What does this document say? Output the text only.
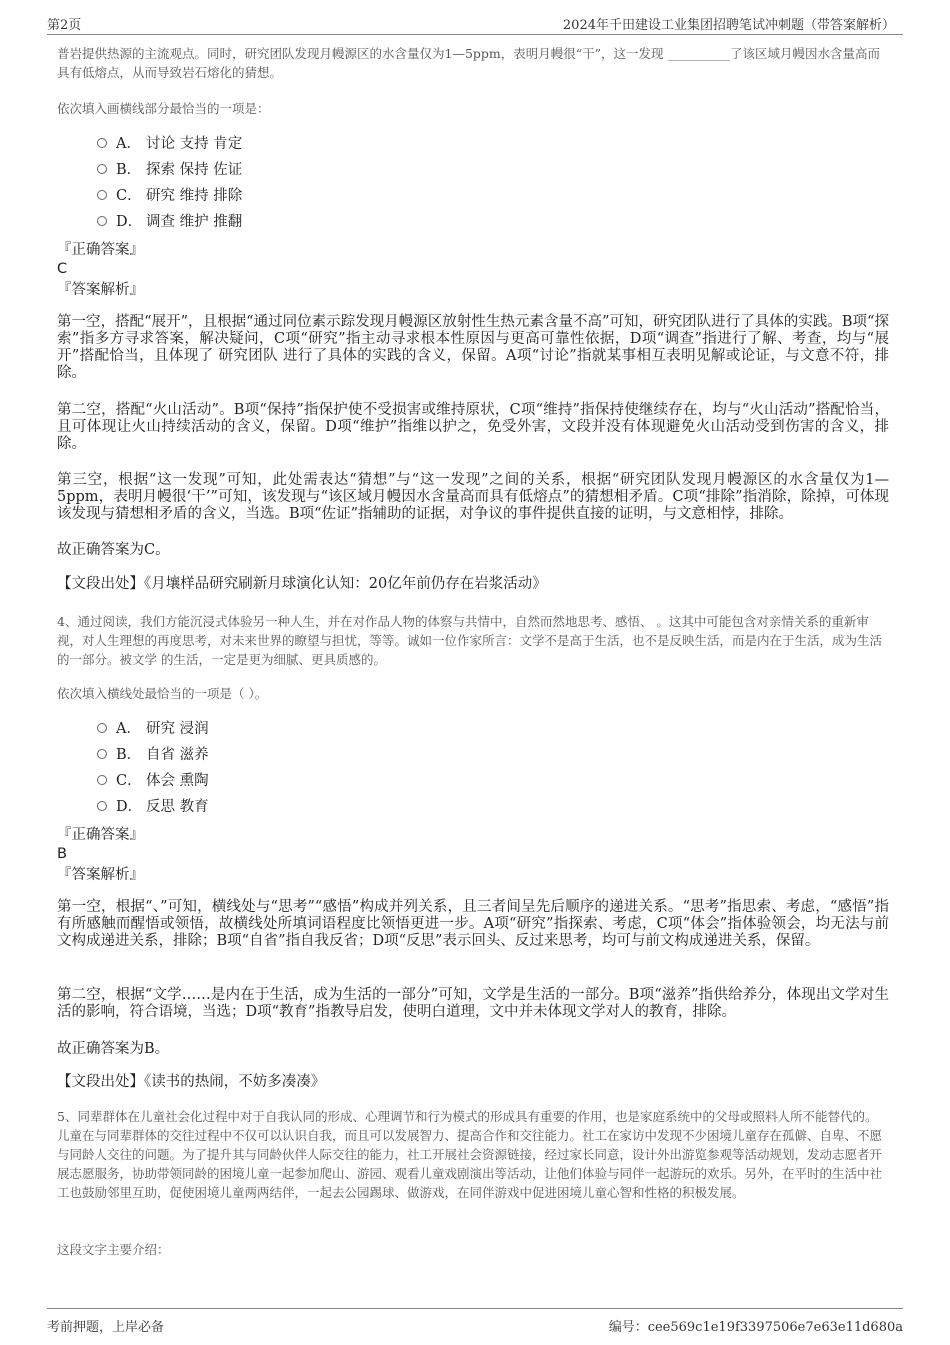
第2页	2024年千田建设工业集团招聘笔试冲刺题（带答案解析）
普岩提供热源的主流观点。同时，研究团队发现月幔源区的水含量仅为1—5ppm，表明月幔很“干”，这一发现 __________了该区域月幔因水含量高而具有低熔点，从而导致岩石熔化的猜想。
依次填入画横线部分最恰当的一项是：
A． 讨论 支持 肯定
B． 探索 保持 佐证
C． 研究 维持 排除
D． 调查 维护 推翻
『正确答案』
C
『答案解析』
第一空，搭配“展开”，且根据“通过同位素示踪发现月幔源区放射性生热元素含量不高”可知，研究团队进行了具体的实践。B项“探索”指多方寻求答案，解决疑问，C项“研究”指主动寻求根本性原因与更高可靠性依据，D项“调查”指进行了解、考查，均与“展开”搭配恰当，且体现了 研究团队 进行了具体的实践的含义，保留。A项“讨论”指就某事相互表明见解或论证，与文意不符，排除。
第二空，搭配“火山活动”。B项“保持”指保护使不受损害或维持原状，C项“维持”指保持使继续存在，均与“火山活动”搭配恰当，且可体现让火山持续活动的含义，保留。D项“维护”指维以护之，免受外害，文段并没有体现避免火山活动受到伤害的含义，排除。
第三空，根据“这一发现”可知，此处需表达“猜想”与“这一发现”之间的关系，根据“研究团队发现月幔源区的水含量仅为1—5ppm，表明月幔很‘干’”可知，该发现与“该区域月幔因水含量高而具有低熔点”的猜想相矛盾。C项“排除”指消除，除掉，可体现该发现与猜想相矛盾的含义，当选。B项“佐证”指辅助的证据，对争议的事件提供直接的证明，与文意相悖，排除。
故正确答案为C。
【文段出处】《月壤样品研究刷新月球演化认知：20亿年前仍存在岩浆活动》
4、通过阅读，我们方能沉浸式体验另一种人生，并在对作品人物的体察与共情中，自然而然地思考、感悟、 。这其中可能包含对亲情关系的重新审视，对人生理想的再度思考，对未来世界的瞭望与担忧，等等。诚如一位作家所言：文学不是高于生活，也不是反映生活，而是内在于生活，成为生活的一部分。被文学 的生活，一定是更为细腻、更具质感的。
依次填入横线处最恰当的一项是（ ）。
A． 研究 浸润
B． 自省 滋养
C． 体会 熏陶
D． 反思 教育
『正确答案』
B
『答案解析』
第一空，根据“、”可知，横线处与“思考”“感悟”构成并列关系，且三者间呈先后顺序的递进关系。“思考”指思索、考虑，“感悟”指有所感触而醒悟或领悟，故横线处所填词语程度比领悟更进一步。A项“研究”指探索、考虑，C项“体会”指体验领会，均无法与前文构成递进关系，排除；B项“自省”指自我反省；D项“反思”表示回头、反过来思考，均可与前文构成递进关系，保留。
第二空，根据“文学……是内在于生活，成为生活的一部分”可知，文学是生活的一部分。B项“滋养”指供给养分，体现出文学对生活的影响，符合语境，当选；D项“教育”指教导启发，使明白道理，文中并未体现文学对人的教育，排除。
故正确答案为B。
【文段出处】《读书的热闹，不妨多凑凑》
5、同辈群体在儿童社会化过程中对于自我认同的形成、心理调节和行为模式的形成具有重要的作用，也是家庭系统中的父母或照料人所不能替代的。儿童在与同辈群体的交往过程中不仅可以认识自我，而且可以发展智力、提高合作和交往能力。社工在家访中发现不少困境儿童存在孤僻、自卑、不愿与同龄人交往的问题。为了提升其与同龄伙伴人际交往的能力，社工开展社会资源链接，经过家长同意，设计外出游览参观等活动规划，发动志愿者开展志愿服务，协助带领同龄的困境儿童一起参加爬山、游园、观看儿童戏剧演出等活动，让他们体验与同伴一起游玩的欢乐。另外，在平时的生活中社工也鼓励邻里互助，促使困境儿童两两结伴，一起去公园踢球、做游戏，在同伴游戏中促进困境儿童心智和性格的积极发展。
这段文字主要介绍：
考前押题，上岸必备	编号：cee569c1e19f3397506e7e63e11d680a
